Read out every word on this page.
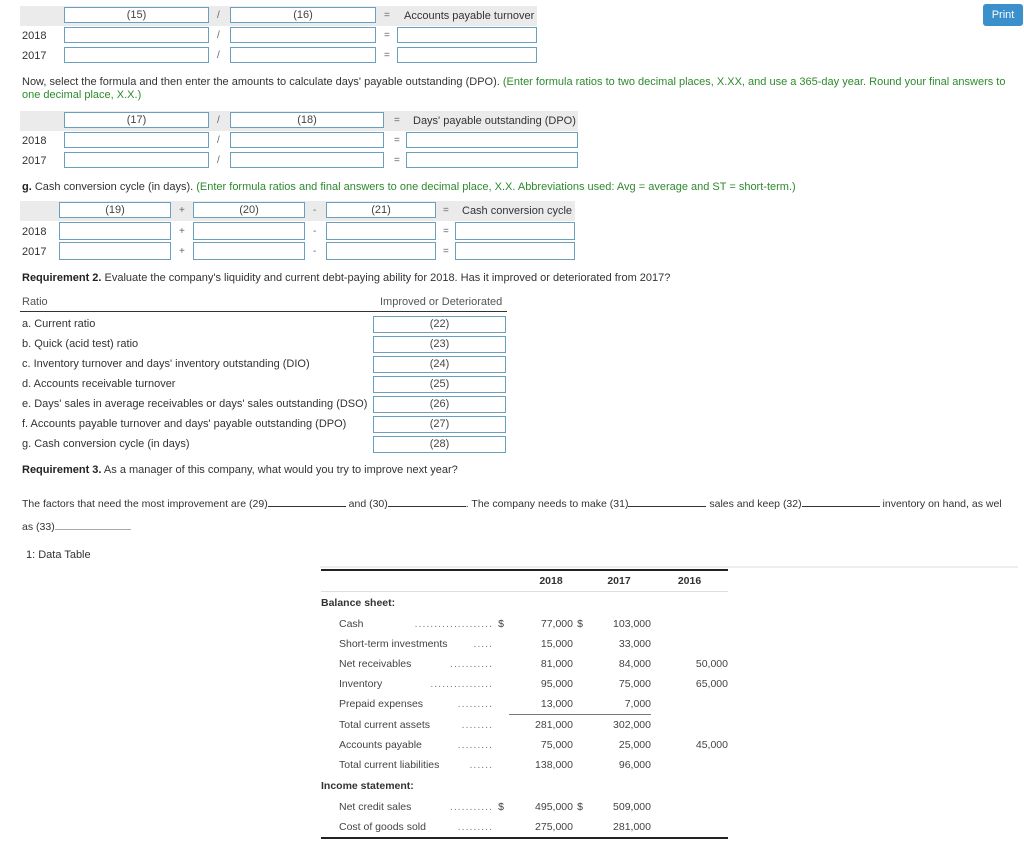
Print
(15)	/	(16)	= Accounts payable turnover
2018	/	=
2017	/	=
Now, select the formula and then enter the amounts to calculate days' payable outstanding (DPO). (Enter formula ratios to two decimal places, X.XX, and use a 365-day year. Round your final answers to one decimal place, X.X.)
(17)	/	(18)	= Days' payable outstanding (DPO)
2018	/	=
2017	/	=
g. Cash conversion cycle (in days). (Enter formula ratios and final answers to one decimal place, X.X. Abbreviations used: Avg = average and ST = short-term.)
(19)	+	(20)	-	(21)	= Cash conversion cycle
2018	+	-	=
2017	+	-	=
Requirement 2. Evaluate the company's liquidity and current debt-paying ability for 2018. Has it improved or deteriorated from 2017?
Ratio	Improved or Deteriorated
a. Current ratio	(22)
b. Quick (acid test) ratio	(23)
c. Inventory turnover and days' inventory outstanding (DIO)	(24)
d. Accounts receivable turnover	(25)
e. Days' sales in average receivables or days' sales outstanding (DSO)	(26)
f. Accounts payable turnover and days' payable outstanding (DPO)	(27)
g. Cash conversion cycle (in days)	(28)
Requirement 3. As a manager of this company, what would you try to improve next year?
The factors that need the most improvement are (29)	and (30)	. The company needs to make (31)	sales and keep (32)	inventory on hand, as wel
as (33)
1: Data Table
		2018		2017	2016
Balance sheet:					
Cash ....................	$	77,000	$	103,000	
Short-term investments .....		15,000		33,000	
Net receivables ...........		81,000		84,000	50,000
Inventory ................		95,000		75,000	65,000
Prepaid expenses .........		13,000		7,000	
Total current assets ........		281,000		302,000	
Accounts payable .........		75,000		25,000	45,000
Total current liabilities ......		138,000		96,000	
Income statement:					
Net credit sales ...........	$	495,000	$	509,000	
Cost of goods sold .........		275,000		281,000	
